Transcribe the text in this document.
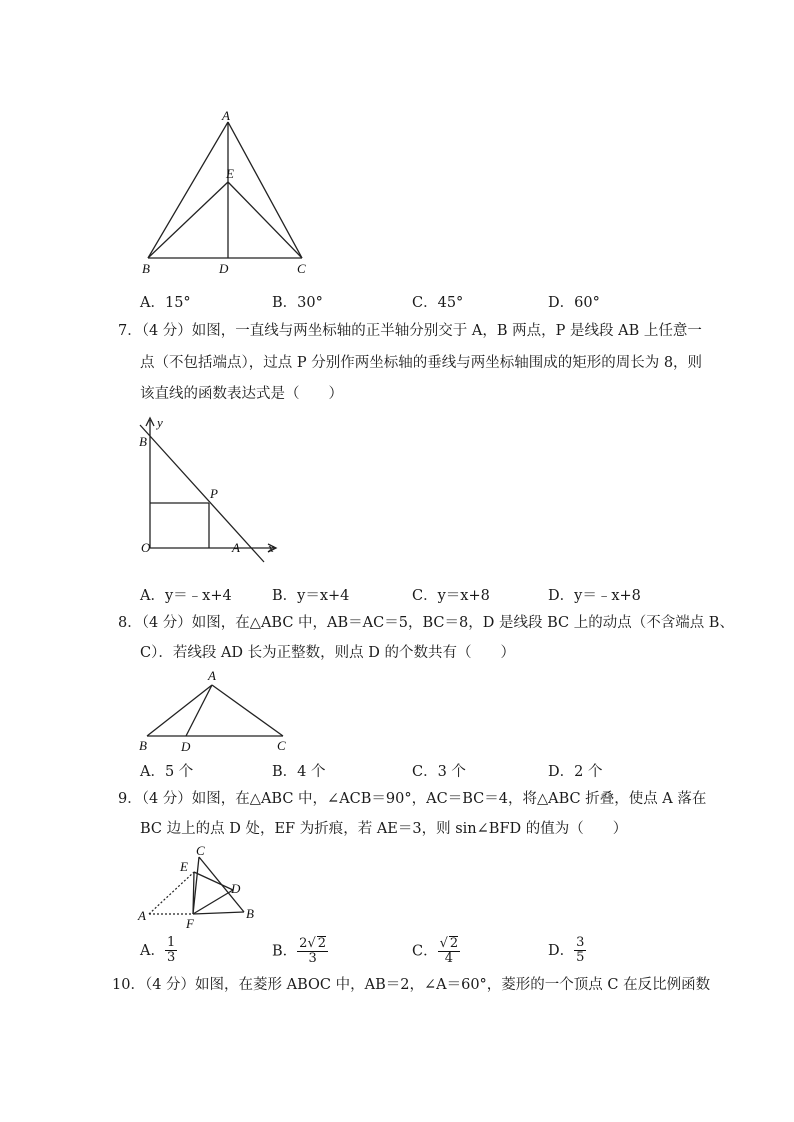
A
E
B	D	C
A．15°	B．30°	C．45°	D．60°
7．（4 分）如图，一直线与两坐标轴的正半轴分别交于 A，B 两点，P 是线段 AB 上任意一
点（不包括端点），过点 P 分别作两坐标轴的垂线与两坐标轴围成的矩形的周长为 8，则
该直线的函数表达式是（　　）
y
B
P
O	A x
A．y＝﹣x+4	B．y＝x+4	C．y＝x+8	D．y＝﹣x+8
8．（4 分）如图，在△ABC 中，AB＝AC＝5，BC＝8，D 是线段 BC 上的动点（不含端点 B、
C）．若线段 AD 长为正整数，则点 D 的个数共有（　　）
A
B	D	C
A．5 个	B．4 个	C．3 个	D．2 个
9．（4 分）如图，在△ABC 中，∠ACB＝90°，AC＝BC＝4，将△ABC 折叠，使点 A 落在
BC 边上的点 D 处，EF 为折痕，若 AE＝3，则 sin∠BFD 的值为（　　）
C
E
D
A
F
B
A． $\frac{1}{3}$	B． $\frac{2√ 2}{3}$	C． $\frac{√ 2}{4}$	D． $\frac{3}{5}$
10．（4 分）如图，在菱形 ABOC 中，AB＝2，∠A＝60°，菱形的一个顶点 C 在反比例函数
